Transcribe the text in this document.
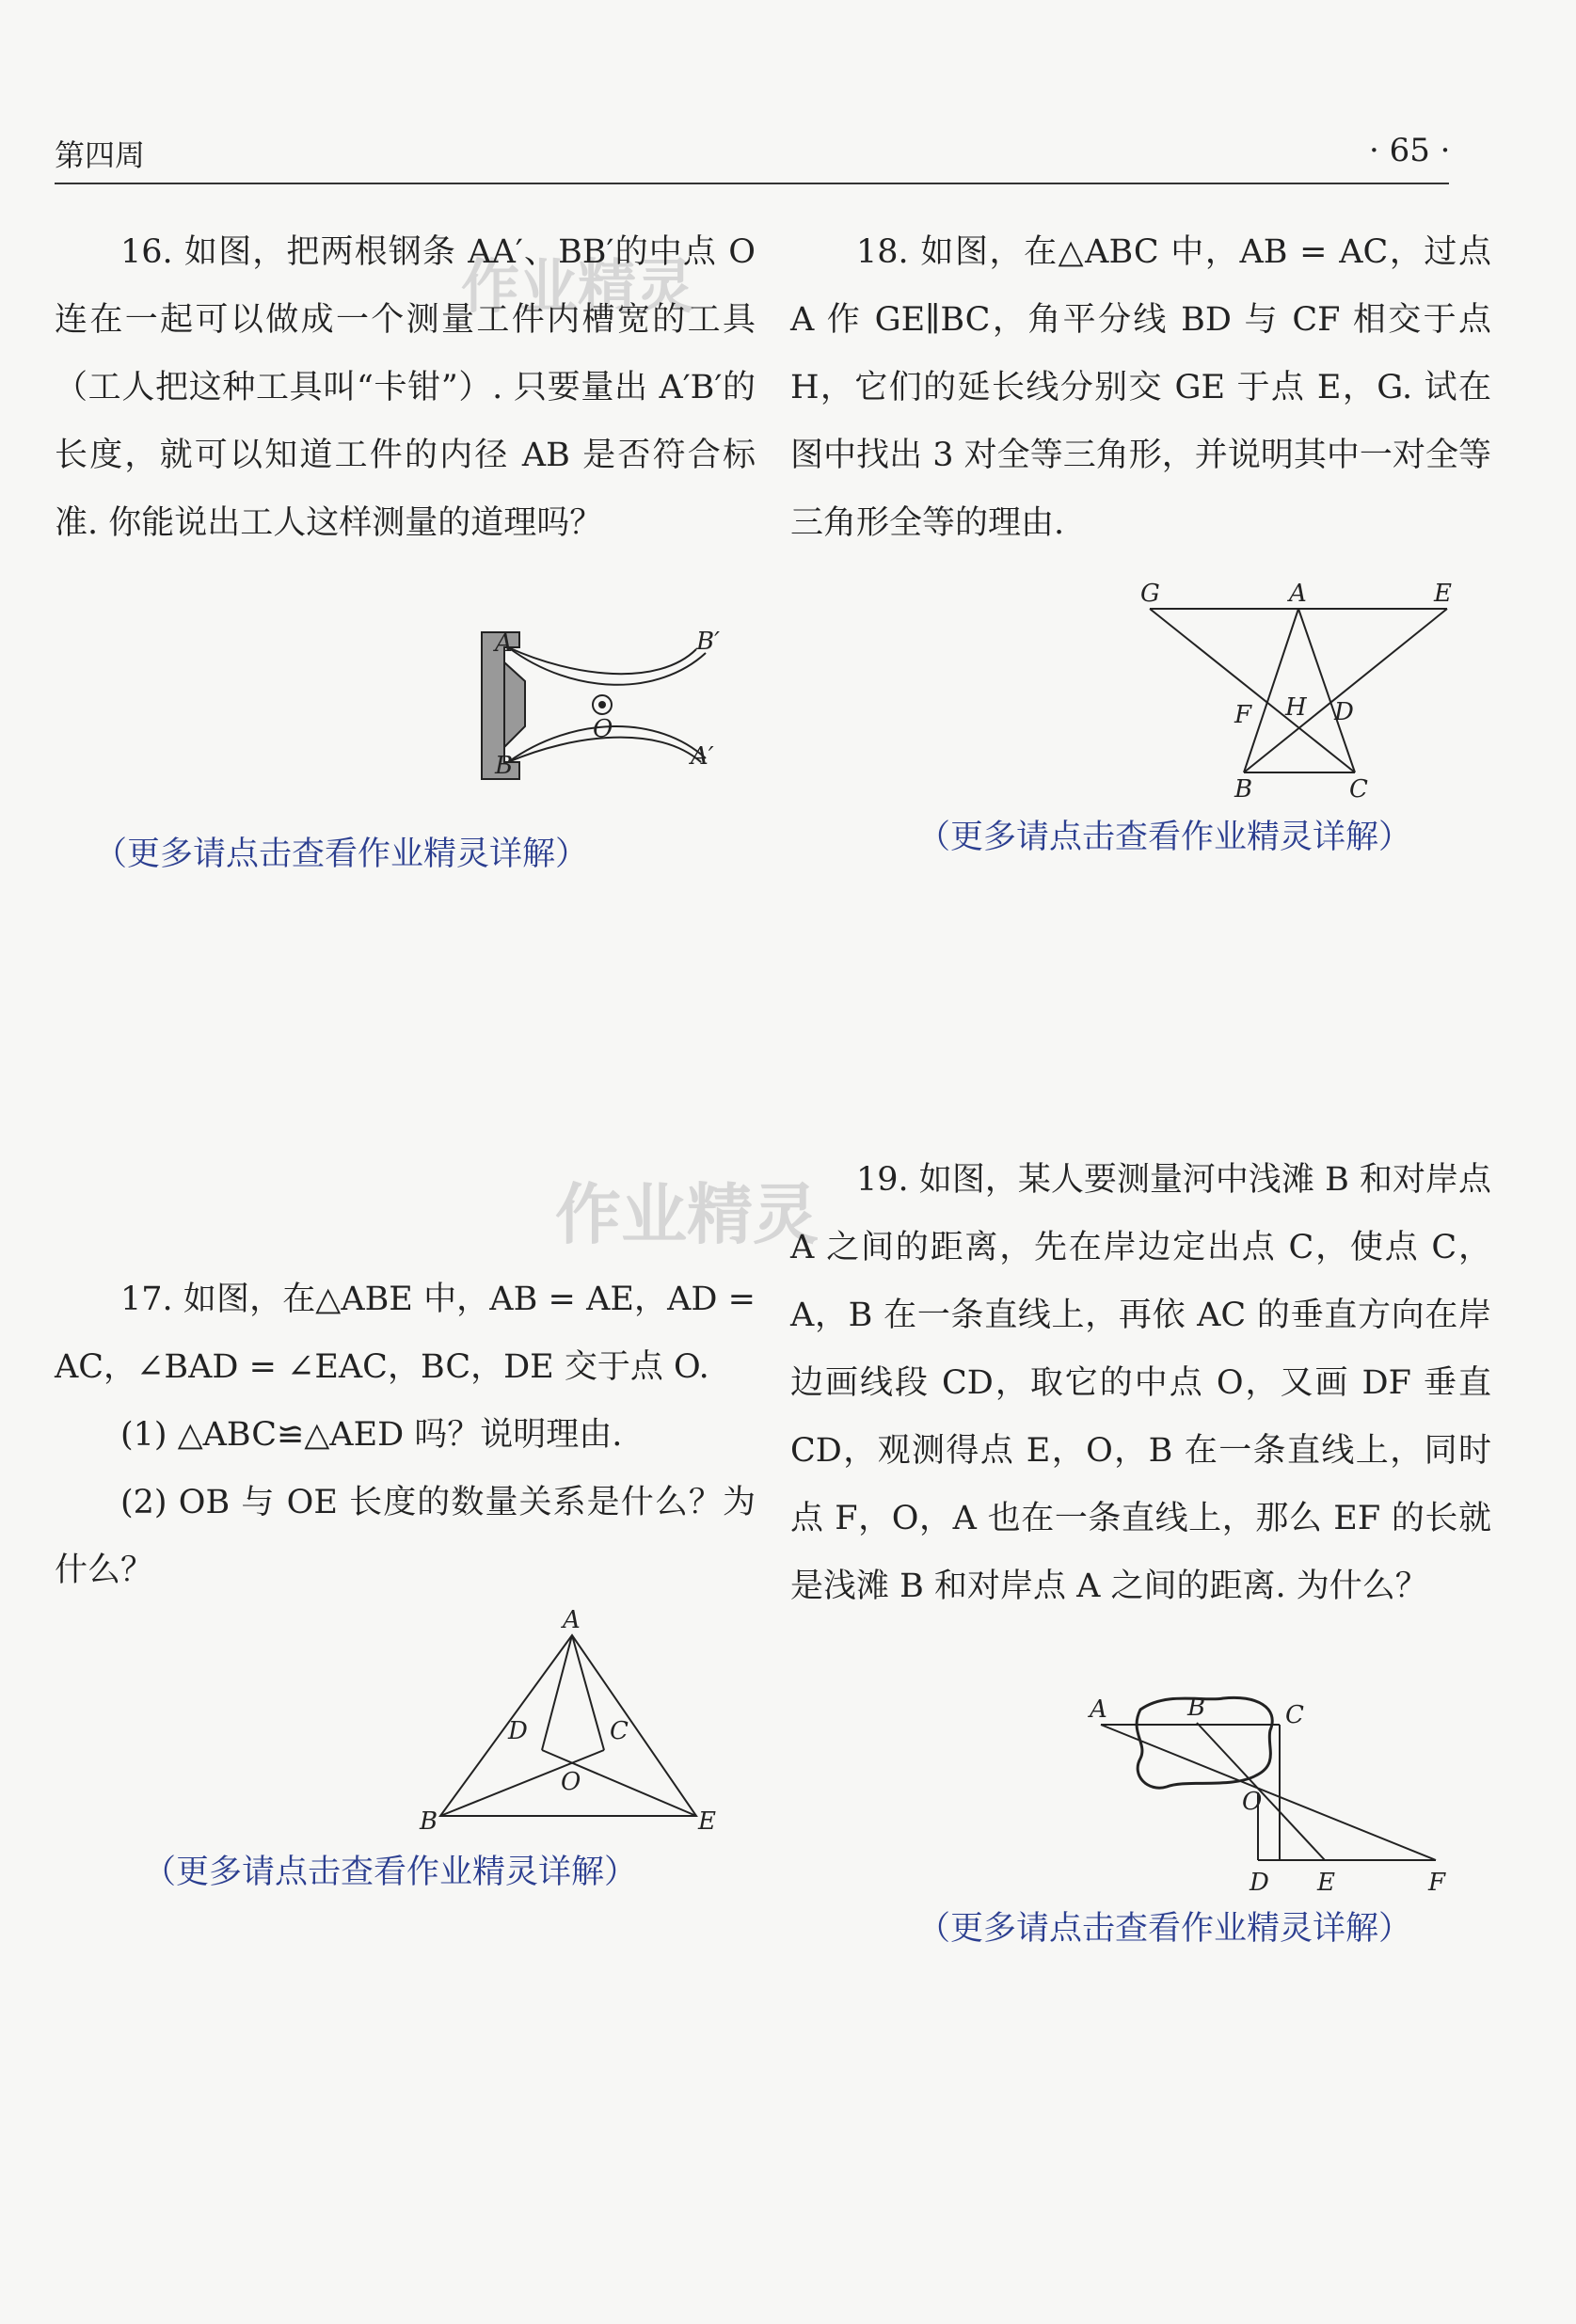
第四周	· 65 ·
作业精灵
作业精灵

16. 如图，把两根钢条 AA′、BB′的中点 O 连在一起可以做成一个测量工件内槽宽的工具（工人把这种工具叫“卡钳”）. 只要量出 A′B′的长度，就可以知道工件的内径 AB 是否符合标准. 你能说出工人这样测量的道理吗？

A
B
B′
A′
O
（更多请点击查看作业精灵详解）

18. 如图，在△ABC 中，AB = AC，过点 A 作 GE∥BC，角平分线 BD 与 CF 相交于点 H，它们的延长线分别交 GE 于点 E，G. 试在图中找出 3 对全等三角形，并说明其中一对全等三角形全等的理由.

G	A	E
F H D
B	C
（更多请点击查看作业精灵详解）

17. 如图，在△ABE 中，AB = AE，AD = AC，∠BAD = ∠EAC，BC，DE 交于点 O.

(1) △ABC≌△AED 吗？说明理由.

(2) OB 与 OE 长度的数量关系是什么？为什么？

A
B	E
D	C
O
（更多请点击查看作业精灵详解）

19. 如图，某人要测量河中浅滩 B 和对岸点 A 之间的距离，先在岸边定出点 C，使点 C，A，B 在一条直线上，再依 AC 的垂直方向在岸边画线段 CD，取它的中点 O，又画 DF 垂直 CD，观测得点 E，O，B 在一条直线上，同时点 F，O，A 也在一条直线上，那么 EF 的长就是浅滩 B 和对岸点 A 之间的距离. 为什么？

A	B	C
O
D E	F
（更多请点击查看作业精灵详解）
